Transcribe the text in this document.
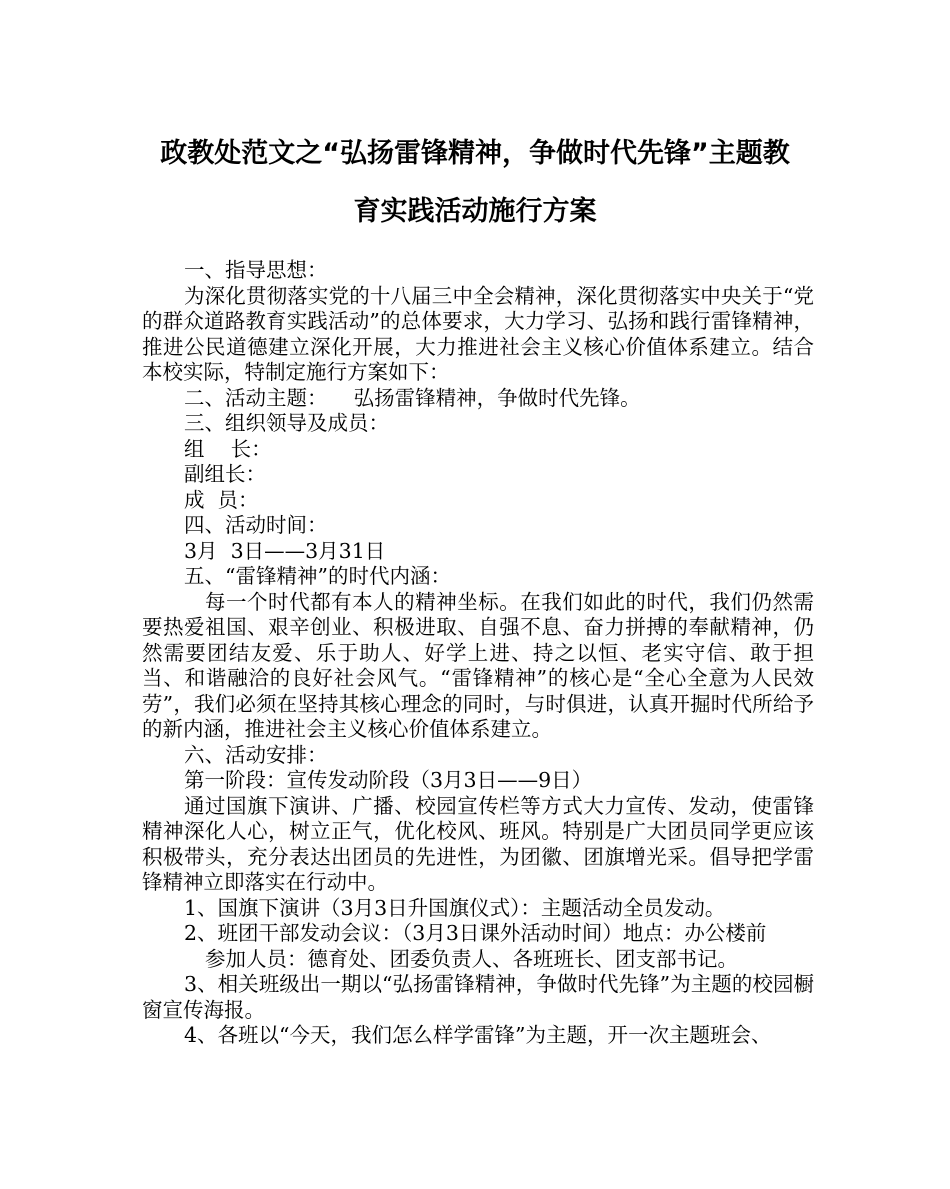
政教处范文之“弘扬雷锋精神，争做时代先锋”主题教
育实践活动施行方案

一、指导思想：

为深化贯彻落实党的十八届三中全会精神，深化贯彻落实中央关于“党的群众道路教育实践活动”的总体要求，大力学习、弘扬和践行雷锋精神，推进公民道德建立深化开展，大力推进社会主义核心价值体系建立。结合本校实际，特制定施行方案如下：

二、活动主题：    弘扬雷锋精神，争做时代先锋。

三、组织领导及成员：

组    长：

副组长：

成  员：

四、活动时间：

3月  3日——3月31日

五、“雷锋精神”的时代内涵：

每一个时代都有本人的精神坐标。在我们如此的时代，我们仍然需要热爱祖国、艰辛创业、积极进取、自强不息、奋力拼搏的奉献精神，仍然需要团结友爱、乐于助人、好学上进、持之以恒、老实守信、敢于担当、和谐融洽的良好社会风气。“雷锋精神”的核心是“全心全意为人民效劳”，我们必须在坚持其核心理念的同时，与时俱进，认真开掘时代所给予的新内涵，推进社会主义核心价值体系建立。

六、活动安排：

第一阶段：宣传发动阶段（3月3日——9日）

通过国旗下演讲、广播、校园宣传栏等方式大力宣传、发动，使雷锋精神深化人心，树立正气，优化校风、班风。特别是广大团员同学更应该积极带头，充分表达出团员的先进性，为团徽、团旗增光采。倡导把学雷锋精神立即落实在行动中。

1、国旗下演讲（3月3日升国旗仪式）：主题活动全员发动。

2、班团干部发动会议：（3月3日课外活动时间）地点：办公楼前

参加人员：德育处、团委负责人、各班班长、团支部书记。

3、相关班级出一期以“弘扬雷锋精神，争做时代先锋”为主题的校园橱窗宣传海报。

4、各班以“今天，我们怎么样学雷锋”为主题，开一次主题班会、
